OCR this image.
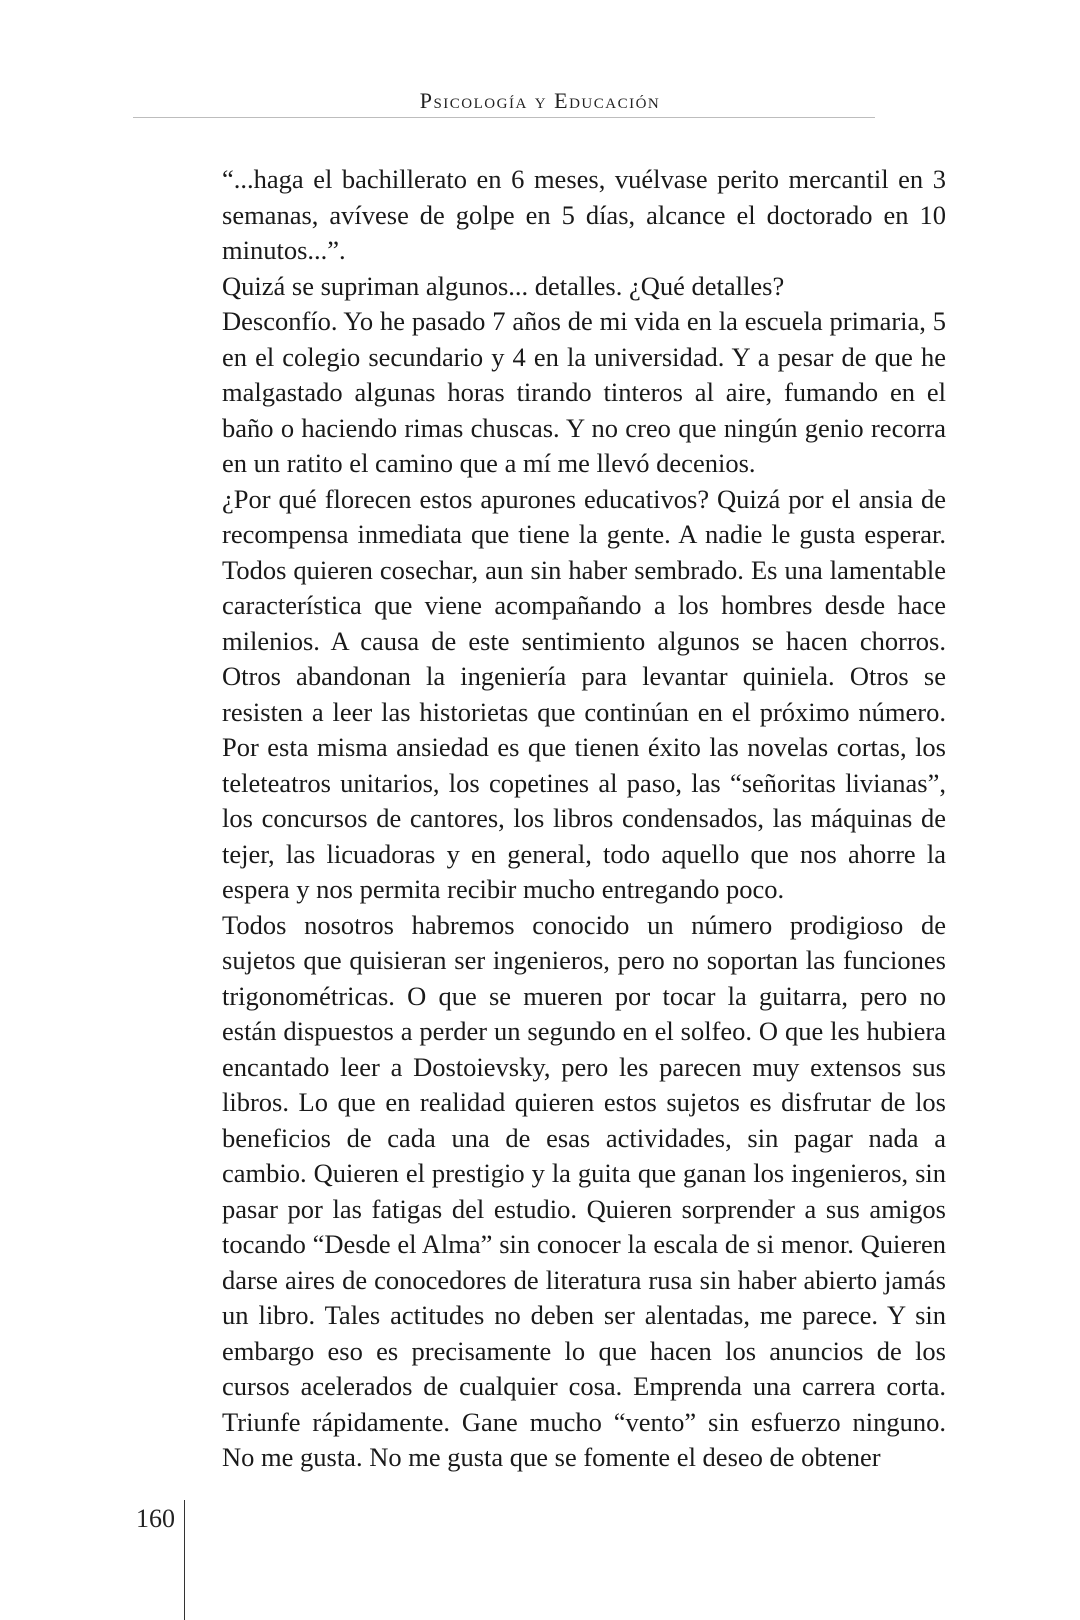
Psicología y Educación

“...haga el bachillerato en 6 meses, vuélvase perito mercantil en 3 semanas, avívese de golpe en 5 días, alcance el doctorado en 10 minutos...”.

Quizá se supriman algunos... detalles. ¿Qué detalles?

Desconfío. Yo he pasado 7 años de mi vida en la escuela primaria, 5 en el colegio secundario y 4 en la universidad. Y a pesar de que he malgastado algunas horas tirando tinteros al aire, fumando en el baño o haciendo rimas chuscas. Y no creo que ningún genio recorra en un ratito el camino que a mí me llevó decenios.

¿Por qué florecen estos apurones educativos? Quizá por el ansia de recompensa inmediata que tiene la gente. A nadie le gusta esperar. Todos quieren cosechar, aun sin haber sembrado. Es una lamentable característica que viene acompañando a los hombres desde hace milenios. A causa de este sentimiento algunos se hacen chorros. Otros abandonan la ingeniería para levantar quiniela. Otros se resisten a leer las historietas que continúan en el próximo número. Por esta misma ansiedad es que tienen éxito las novelas cortas, los teleteatros unitarios, los copetines al paso, las “señoritas livianas”, los concursos de cantores, los libros condensados, las máquinas de tejer, las licuadoras y en general, todo aquello que nos ahorre la espera y nos permita recibir mucho entregando poco.

Todos nosotros habremos conocido un número prodigioso de sujetos que quisieran ser ingenieros, pero no soportan las funciones trigonométricas. O que se mueren por tocar la guitarra, pero no están dispuestos a perder un segundo en el solfeo. O que les hubiera encantado leer a Dostoievsky, pero les parecen muy extensos sus libros. Lo que en realidad quieren estos sujetos es disfrutar de los beneficios de cada una de esas actividades, sin pagar nada a cambio. Quieren el prestigio y la guita que ganan los ingenieros, sin pasar por las fatigas del estudio. Quieren sorprender a sus amigos tocando “Desde el Alma” sin conocer la escala de si menor. Quieren darse aires de conocedores de literatura rusa sin haber abierto jamás un libro. Tales actitudes no deben ser alentadas, me parece. Y sin embargo eso es precisamente lo que hacen los anuncios de los cursos acelerados de cualquier cosa. Emprenda una carrera corta. Triunfe rápidamente. Gane mucho “vento” sin esfuerzo ninguno. No me gusta. No me gusta que se fomente el deseo de obtener

160
